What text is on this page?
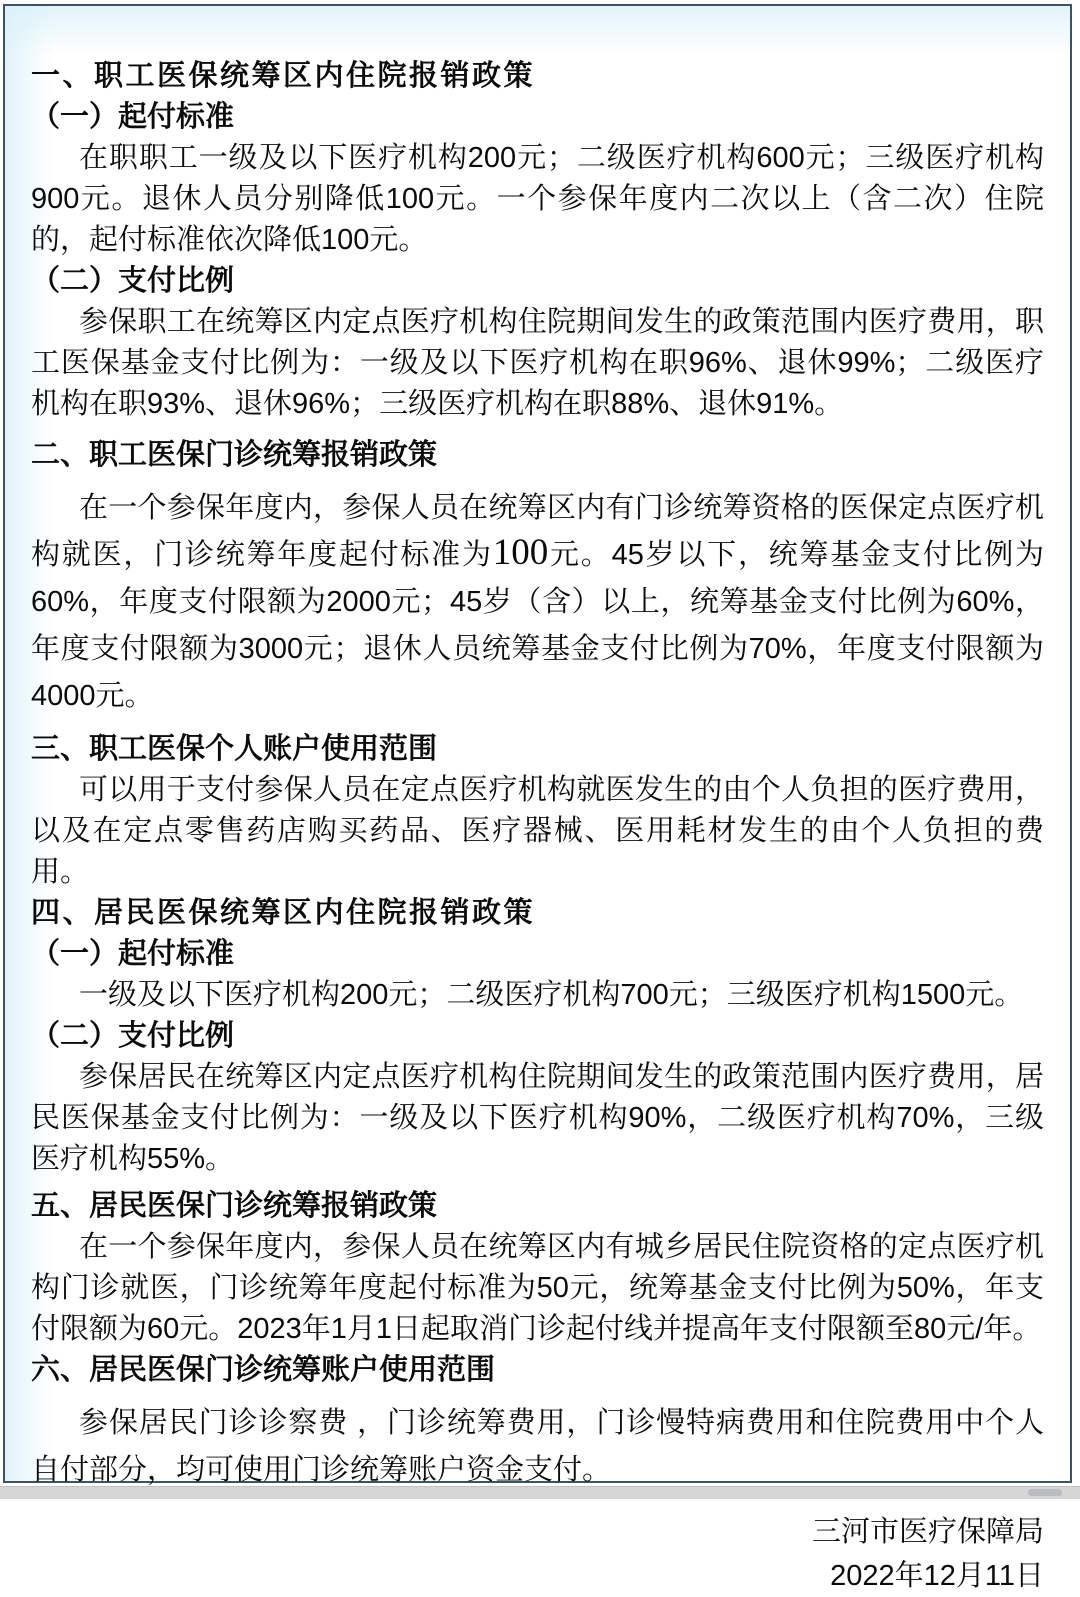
一、职工医保统筹区内住院报销政策
（一）起付标准
在职职工一级及以下医疗机构200元；二级医疗机构600元；三级医疗机构900元。退休人员分别降低100元。一个参保年度内二次以上（含二次）住院的，起付标准依次降低100元。
（二）支付比例
参保职工在统筹区内定点医疗机构住院期间发生的政策范围内医疗费用，职工医保基金支付比例为：一级及以下医疗机构在职96%、退休99%；二级医疗机构在职93%、退休96%；三级医疗机构在职88%、退休91%。
二、职工医保门诊统筹报销政策
在一个参保年度内，参保人员在统筹区内有门诊统筹资格的医保定点医疗机构就医，门诊统筹年度起付标准为100元。45岁以下，统筹基金支付比例为60%，年度支付限额为2000元；45岁（含）以上，统筹基金支付比例为60%，年度支付限额为3000元；退休人员统筹基金支付比例为70%，年度支付限额为4000元。
三、职工医保个人账户使用范围
可以用于支付参保人员在定点医疗机构就医发生的由个人负担的医疗费用，以及在定点零售药店购买药品、医疗器械、医用耗材发生的由个人负担的费用。
四、居民医保统筹区内住院报销政策
（一）起付标准
一级及以下医疗机构200元；二级医疗机构700元；三级医疗机构1500元。
（二）支付比例
参保居民在统筹区内定点医疗机构住院期间发生的政策范围内医疗费用，居民医保基金支付比例为：一级及以下医疗机构90%，二级医疗机构70%，三级医疗机构55%。
五、居民医保门诊统筹报销政策
在一个参保年度内，参保人员在统筹区内有城乡居民住院资格的定点医疗机构门诊就医，门诊统筹年度起付标准为50元，统筹基金支付比例为50%，年支付限额为60元。2023年1月1日起取消门诊起付线并提高年支付限额至80元/年。
六、居民医保门诊统筹账户使用范围
参保居民门诊诊察费 ，门诊统筹费用，门诊慢特病费用和住院费用中个人自付部分，均可使用门诊统筹账户资金支付。
三河市医疗保障局
2022年12月11日
